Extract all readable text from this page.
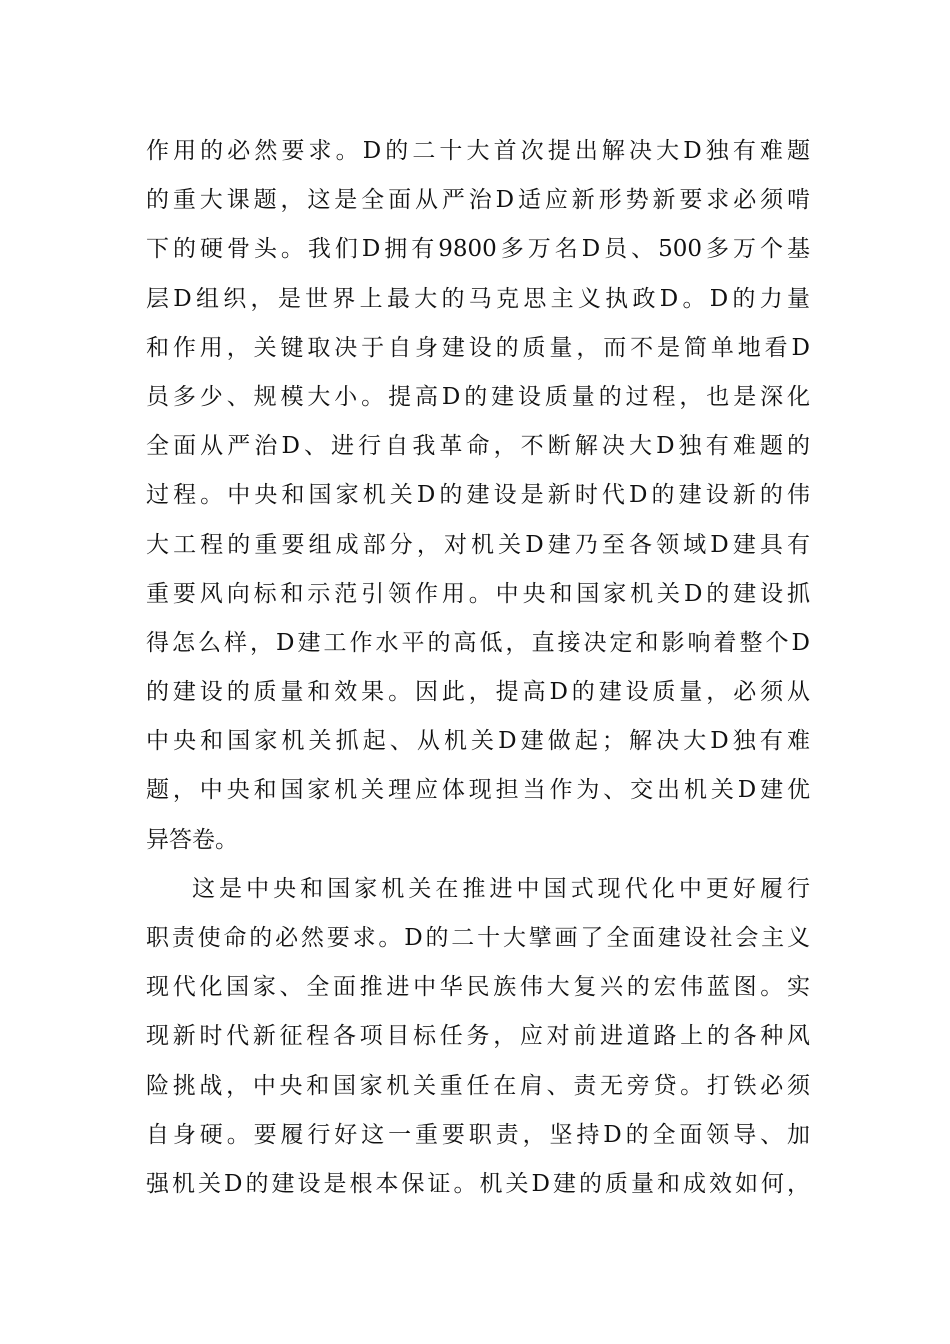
作用的必然要求。D的二十大首次提出解决大D独有难题
的重大课题，这是全面从严治D适应新形势新要求必须啃
下的硬骨头。我们D拥有9800多万名D员、500多万个基
层D组织，是世界上最大的马克思主义执政D。D的力量
和作用，关键取决于自身建设的质量，而不是简单地看D
员多少、规模大小。提高D的建设质量的过程，也是深化
全面从严治D、进行自我革命，不断解决大D独有难题的
过程。中央和国家机关D的建设是新时代D的建设新的伟
大工程的重要组成部分，对机关D建乃至各领域D建具有
重要风向标和示范引领作用。中央和国家机关D的建设抓
得怎么样，D建工作水平的高低，直接决定和影响着整个D
的建设的质量和效果。因此，提高D的建设质量，必须从
中央和国家机关抓起、从机关D建做起；解决大D独有难
题，中央和国家机关理应体现担当作为、交出机关D建优
异答卷。
这是中央和国家机关在推进中国式现代化中更好履行
职责使命的必然要求。D的二十大擘画了全面建设社会主义
现代化国家、全面推进中华民族伟大复兴的宏伟蓝图。实
现新时代新征程各项目标任务，应对前进道路上的各种风
险挑战，中央和国家机关重任在肩、责无旁贷。打铁必须
自身硬。要履行好这一重要职责，坚持D的全面领导、加
强机关D的建设是根本保证。机关D建的质量和成效如何，
